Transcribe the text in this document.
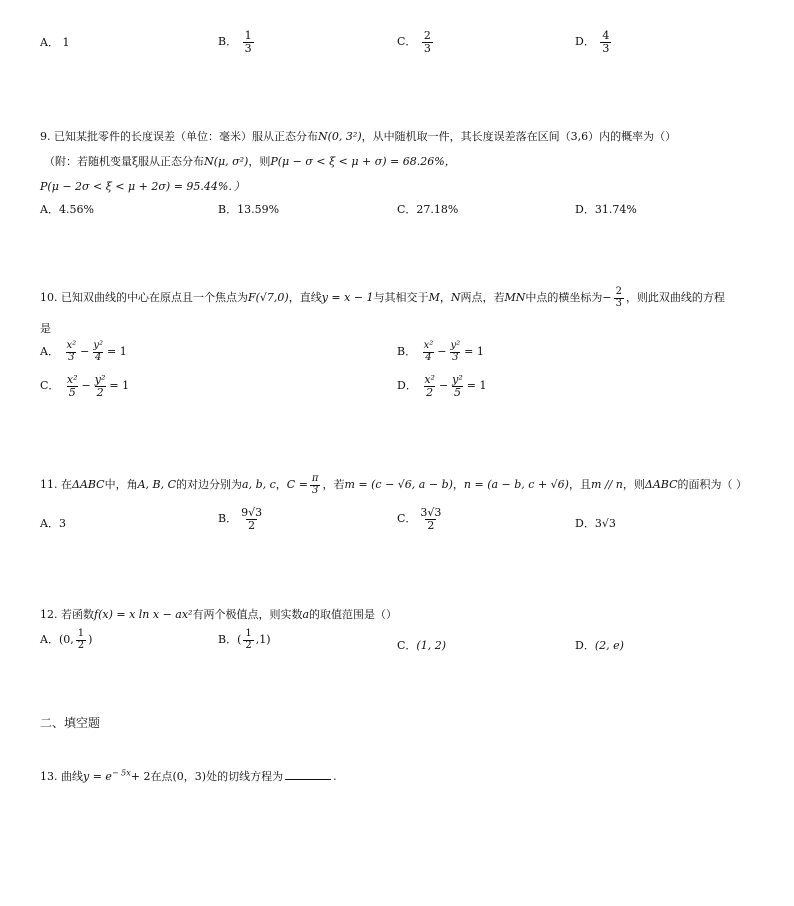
A． 1	B． $\frac{1}{3}$	C． $\frac{2}{3}$	D． $\frac{4}{3}$
9. 已知某批零件的长度误差（单位：毫米）服从正态分布N(0, 3²)，从中随机取一件，其长度误差落在区间（3,6）内的概率为（）
（附：若随机变量ξ服从正态分布N(μ, σ²)，则P(μ − σ < ξ < μ + σ) = 68.26%，
P(μ − 2σ < ξ < μ + 2σ) = 95.44%．）
A．4.56%	B．13.59%	C．27.18%	D．31.74%
10. 已知双曲线的中心在原点且一个焦点为F(√7,0)，直线y = x − 1与其相交于M，N两点，若MN中点的横坐标为− $\frac{2}{3}$ ，则此双曲线的方程
是
A． $\frac{\text{x²}}{3} - \frac{\text{y²}}{4} = 1$	B． $\frac{\text{x²}}{4} - \frac{\text{y²}}{3} = 1$
C． $\frac{\text{x²}}{5} - \frac{\text{y²}}{2} = 1$	D． $\frac{\text{x²}}{2} - \frac{\text{y²}}{5} = 1$
11. 在ΔABC中，角A, B, C的对边分别为a, b, c，$C = \frac{\pi}{3}$ ，若m = (c − √6, a − b)，n = (a − b, c + √6)，且m // n，则ΔABC的面积为（ ）
A．3	B． $\frac{9√3}{2}$	C． $\frac{3√3}{2}$	D．3√3
12. 若函数f(x) = x ln x − ax²有两个极值点，则实数a的取值范围是（）
A．(0, $\frac{1}{2}$ )	B．( $\frac{1}{2} ,1$)	C．(1, 2)	D．(2, e)
二、填空题
13. 曲线$y = e^{- 5x}+ 2$在点(0，3)处的切线方程为	.
